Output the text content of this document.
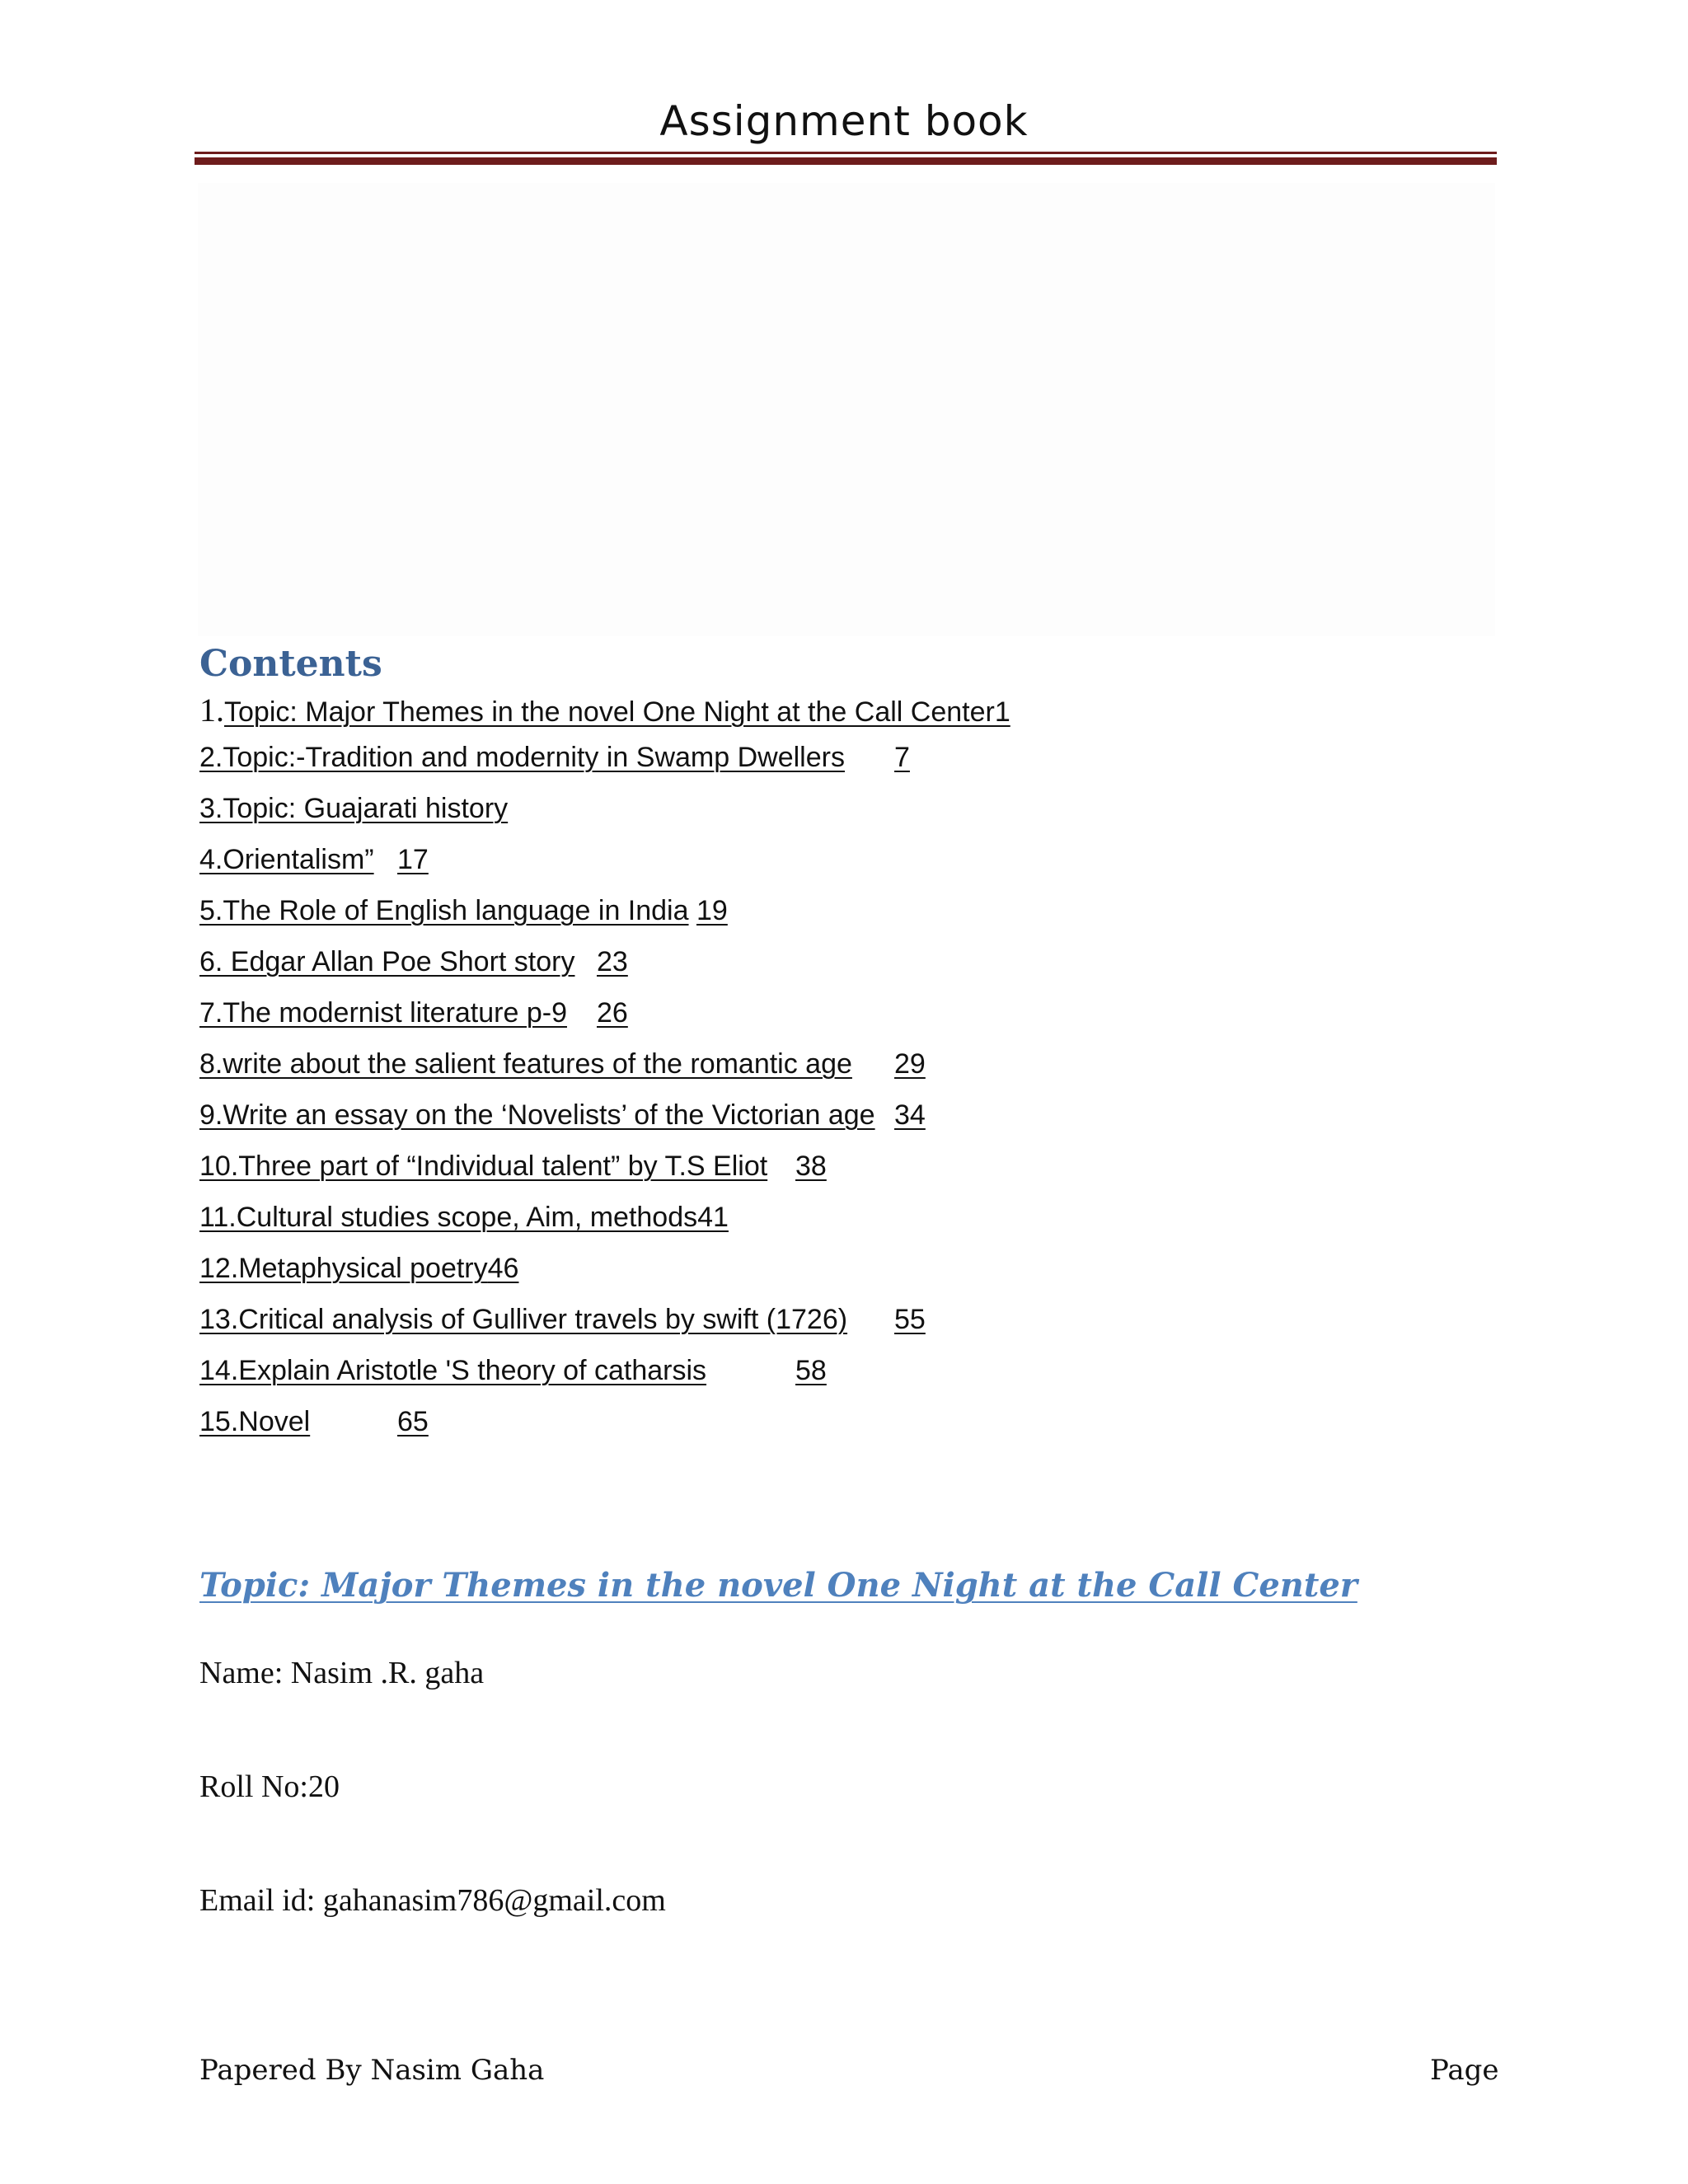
Assignment book
Contents
1.Topic: Major Themes in the novel One Night at the Call Center1
2.Topic:-Tradition and modernity in Swamp Dwellers 7
3.Topic: Guajarati history
4.Orientalism” 17
5.The Role of English language in India 19
6. Edgar Allan Poe Short story 23
7.The modernist literature p-9 26
8.write about the salient features of the romantic age 29
9.Write an essay on the ‘Novelists’ of the Victorian age 34
10.Three part of “Individual talent” by T.S Eliot 38
11.Cultural studies scope, Aim, methods41
12.Metaphysical poetry46
13.Critical analysis of Gulliver travels by swift (1726) 55
14.Explain Aristotle 'S theory of catharsis	58
15.Novel	65
Topic: Major Themes in the novel One Night at the Call Center
Name: Nasim .R. gaha
Roll No:20
Email id: gahanasim786@gmail.com
Papered By Nasim Gaha	Page
